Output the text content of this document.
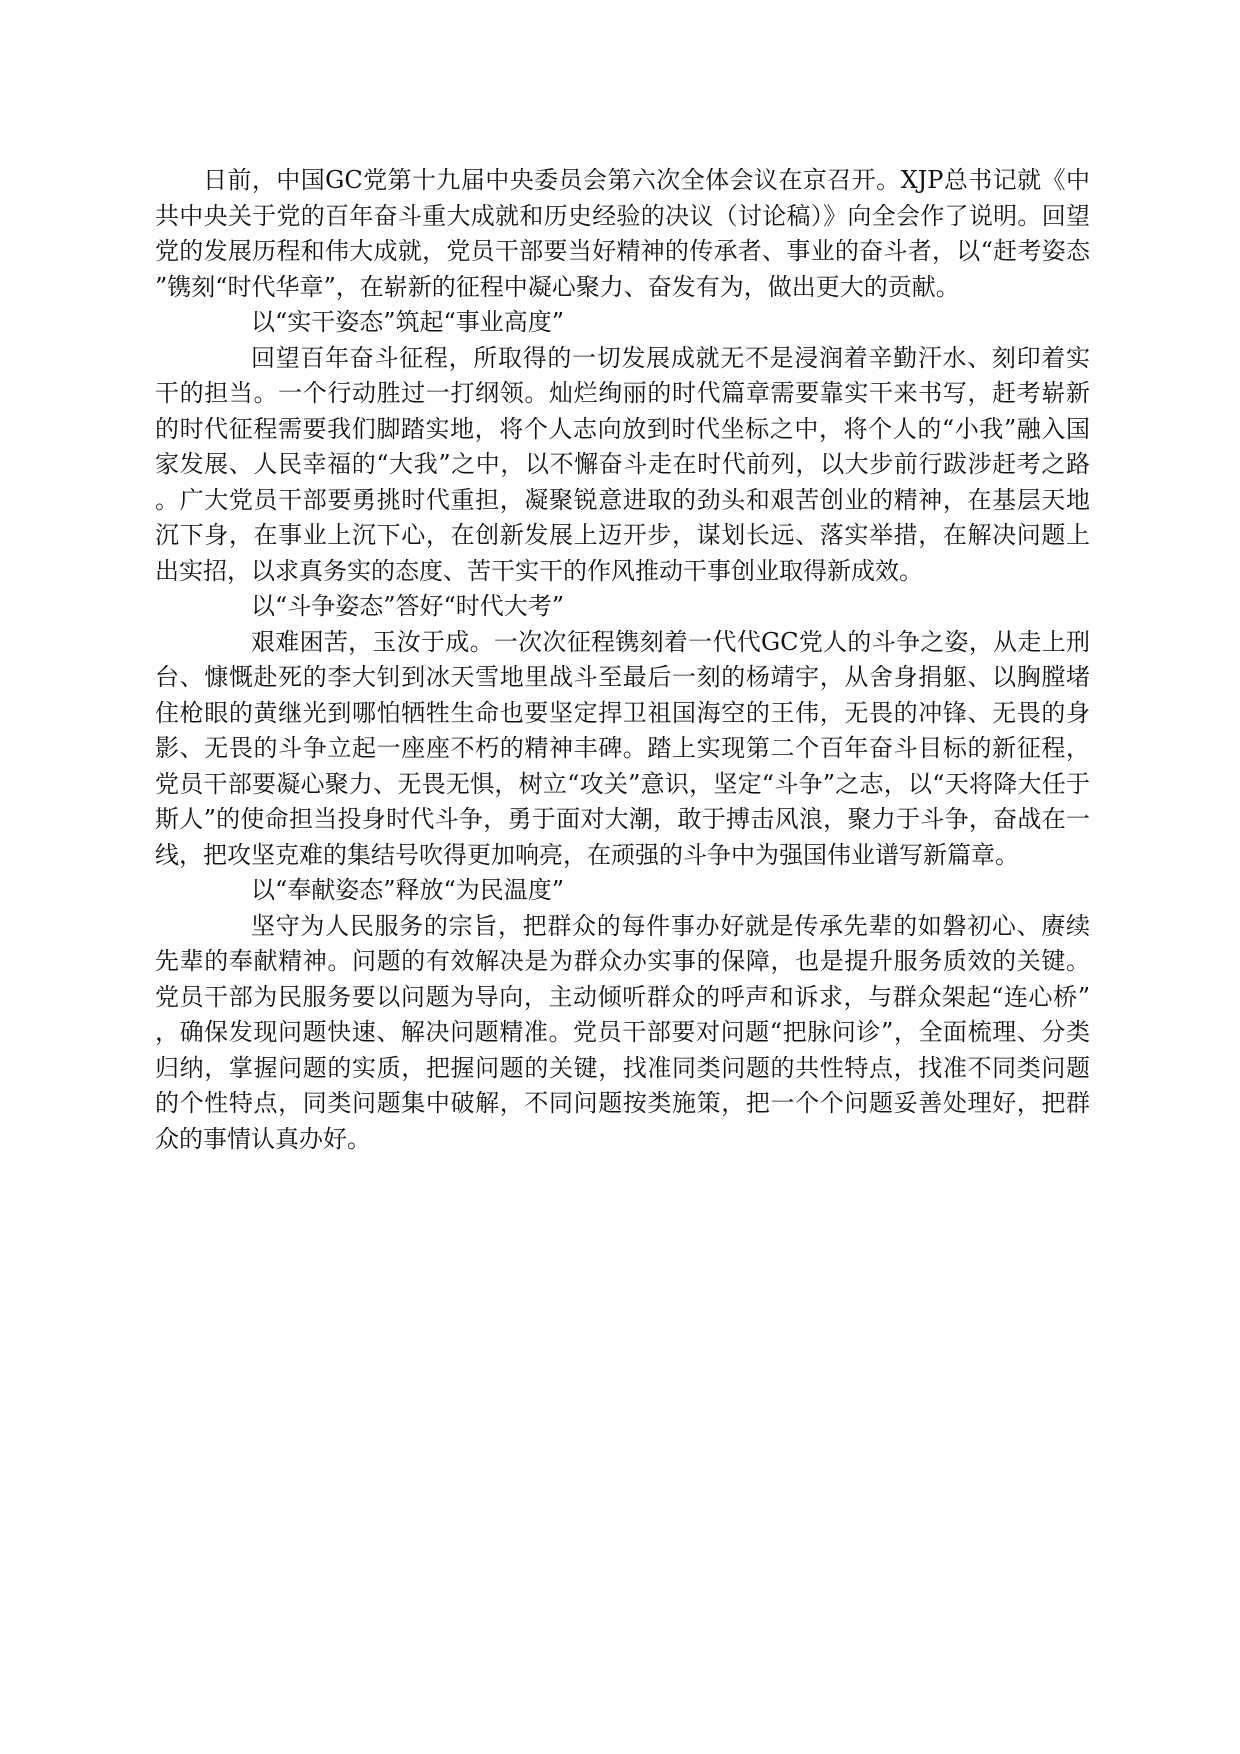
日前，中国GC党第十九届中央委员会第六次全体会议在京召开。XJP总书记就《中共中央关于党的百年奋斗重大成就和历史经验的决议（讨论稿）》向全会作了说明。回望党的发展历程和伟大成就，党员干部要当好精神的传承者、事业的奋斗者，以“赶考姿态”镌刻“时代华章”，在崭新的征程中凝心聚力、奋发有为，做出更大的贡献。

以“实干姿态”筑起“事业高度”

回望百年奋斗征程，所取得的一切发展成就无不是浸润着辛勤汗水、刻印着实干的担当。一个行动胜过一打纲领。灿烂绚丽的时代篇章需要靠实干来书写，赶考崭新的时代征程需要我们脚踏实地，将个人志向放到时代坐标之中，将个人的“小我”融入国家发展、人民幸福的“大我”之中，以不懈奋斗走在时代前列，以大步前行跋涉赶考之路。广大党员干部要勇挑时代重担，凝聚锐意进取的劲头和艰苦创业的精神，在基层天地沉下身，在事业上沉下心，在创新发展上迈开步，谋划长远、落实举措，在解决问题上出实招，以求真务实的态度、苦干实干的作风推动干事创业取得新成效。

以“斗争姿态”答好“时代大考”

艰难困苦，玉汝于成。一次次征程镌刻着一代代GC党人的斗争之姿，从走上刑台、慷慨赴死的李大钊到冰天雪地里战斗至最后一刻的杨靖宇，从舍身捐躯、以胸膛堵住枪眼的黄继光到哪怕牺牲生命也要坚定捍卫祖国海空的王伟，无畏的冲锋、无畏的身影、无畏的斗争立起一座座不朽的精神丰碑。踏上实现第二个百年奋斗目标的新征程，党员干部要凝心聚力、无畏无惧，树立“攻关”意识，坚定“斗争”之志，以“天将降大任于斯人”的使命担当投身时代斗争，勇于面对大潮，敢于搏击风浪，聚力于斗争，奋战在一线，把攻坚克难的集结号吹得更加响亮，在顽强的斗争中为强国伟业谱写新篇章。

以“奉献姿态”释放“为民温度”

坚守为人民服务的宗旨，把群众的每件事办好就是传承先辈的如磐初心、赓续先辈的奉献精神。问题的有效解决是为群众办实事的保障，也是提升服务质效的关键。党员干部为民服务要以问题为导向，主动倾听群众的呼声和诉求，与群众架起“连心桥”，确保发现问题快速、解决问题精准。党员干部要对问题“把脉问诊”，全面梳理、分类归纳，掌握问题的实质，把握问题的关键，找准同类问题的共性特点，找准不同类问题的个性特点，同类问题集中破解，不同问题按类施策，把一个个问题妥善处理好，把群众的事情认真办好。
